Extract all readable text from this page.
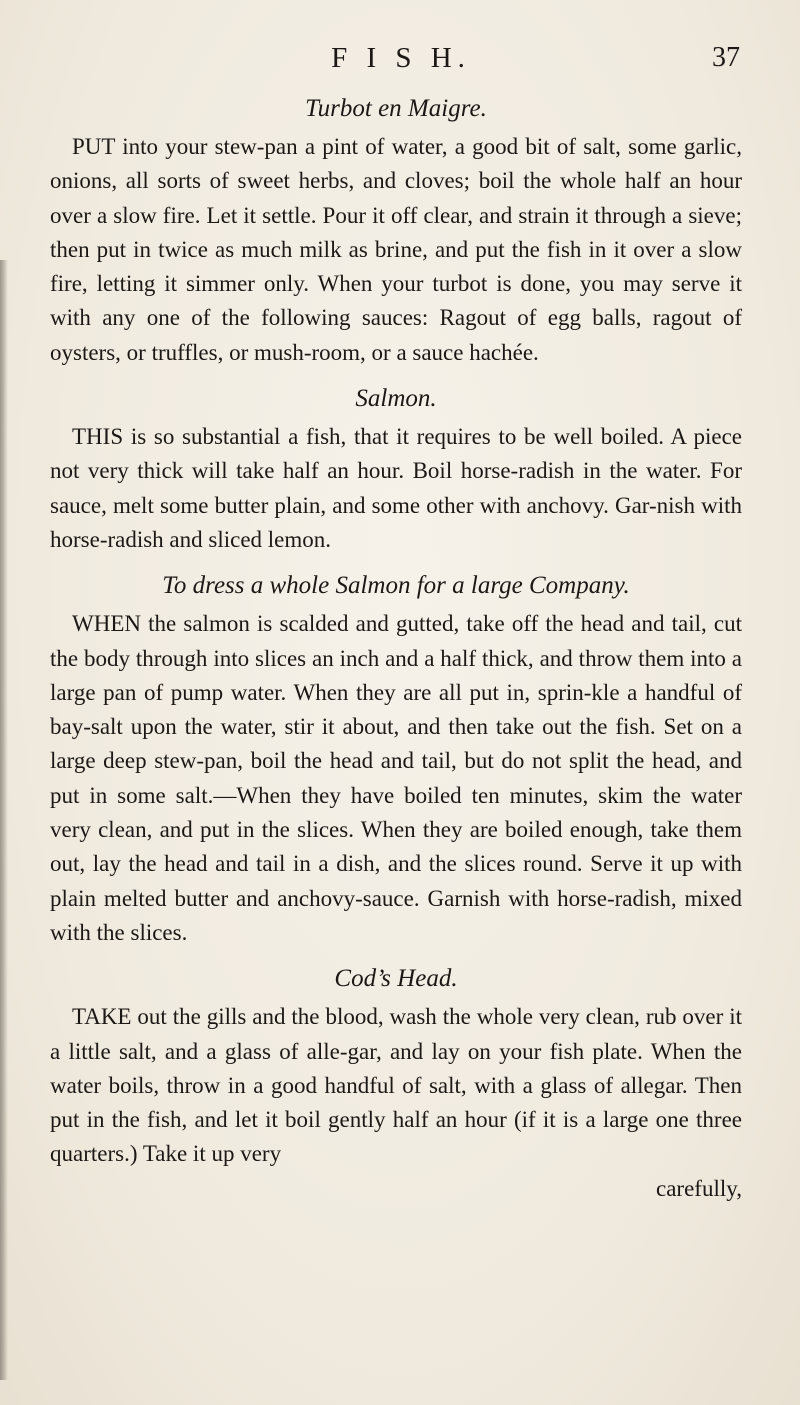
F I S H.	37

Turbot en Maigre.

PUT into your stew-pan a pint of water, a good bit of salt, some garlic, onions, all sorts of sweet herbs, and cloves; boil the whole half an hour over a slow fire. Let it settle. Pour it off clear, and strain it through a sieve; then put in twice as much milk as brine, and put the fish in it over a slow fire, letting it simmer only. When your turbot is done, you may serve it with any one of the following sauces: Ragout of egg balls, ragout of oysters, or truffles, or mush-room, or a sauce hachée.

Salmon.

THIS is so substantial a fish, that it requires to be well boiled. A piece not very thick will take half an hour. Boil horse-radish in the water. For sauce, melt some butter plain, and some other with anchovy. Gar-nish with horse-radish and sliced lemon.

To dress a whole Salmon for a large Company.

WHEN the salmon is scalded and gutted, take off the head and tail, cut the body through into slices an inch and a half thick, and throw them into a large pan of pump water. When they are all put in, sprin-kle a handful of bay-salt upon the water, stir it about, and then take out the fish. Set on a large deep stew-pan, boil the head and tail, but do not split the head, and put in some salt.—When they have boiled ten minutes, skim the water very clean, and put in the slices. When they are boiled enough, take them out, lay the head and tail in a dish, and the slices round. Serve it up with plain melted butter and anchovy-sauce. Garnish with horse-radish, mixed with the slices.

Cod’s Head.

TAKE out the gills and the blood, wash the whole very clean, rub over it a little salt, and a glass of alle-gar, and lay on your fish plate. When the water boils, throw in a good handful of salt, with a glass of allegar. Then put in the fish, and let it boil gently half an hour (if it is a large one three quarters.) Take it up very
carefully,
